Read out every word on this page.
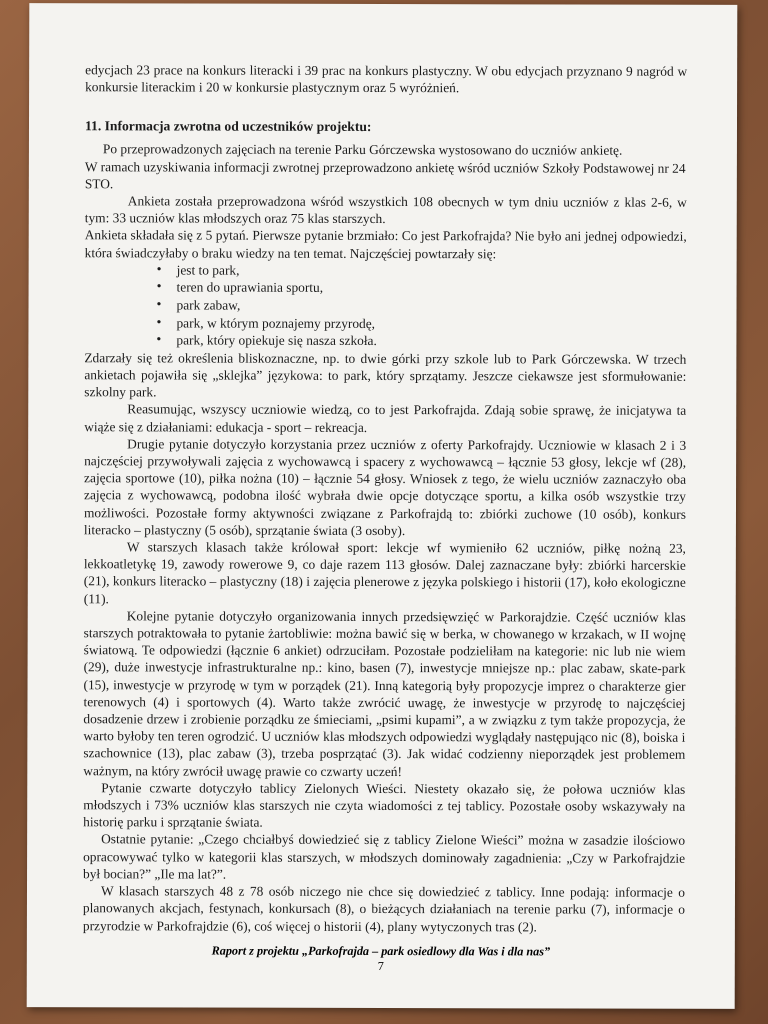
edycjach 23 prace na konkurs literacki i 39 prac na konkurs plastyczny. W obu edycjach przyznano 9 nagród w konkursie literackim i 20 w konkursie plastycznym oraz 5 wyróżnień.

11. Informacja zwrotna od uczestników projektu:

Po przeprowadzonych zajęciach na terenie Parku Górczewska wystosowano do uczniów ankietę.

W ramach uzyskiwania informacji zwrotnej przeprowadzono ankietę wśród uczniów Szkoły Podstawowej nr 24 STO.

Ankieta została przeprowadzona wśród wszystkich 108 obecnych w tym dniu uczniów z klas 2-6, w tym: 33 uczniów klas młodszych oraz 75 klas starszych.

Ankieta składała się z 5 pytań. Pierwsze pytanie brzmiało: Co jest Parkofrajda? Nie było ani jednej odpowiedzi, która świadczyłaby o braku wiedzy na ten temat. Najczęściej powtarzały się:

• jest to park,
• teren do uprawiania sportu,
• park zabaw,
• park, w którym poznajemy przyrodę,
• park, który opiekuje się nasza szkoła.

Zdarzały się też określenia bliskoznaczne, np. to dwie górki przy szkole lub to Park Górczewska. W trzech ankietach pojawiła się „sklejka” językowa: to park, który sprzątamy. Jeszcze ciekawsze jest sformułowanie: szkolny park.

Reasumując, wszyscy uczniowie wiedzą, co to jest Parkofrajda. Zdają sobie sprawę, że inicjatywa ta wiąże się z działaniami: edukacja - sport – rekreacja.

Drugie pytanie dotyczyło korzystania przez uczniów z oferty Parkofrajdy. Uczniowie w klasach 2 i 3 najczęściej przywoływali zajęcia z wychowawcą i spacery z wychowawcą – łącznie 53 głosy, lekcje wf (28), zajęcia sportowe (10), piłka nożna (10) – łącznie 54 głosy. Wniosek z tego, że wielu uczniów zaznaczyło oba zajęcia z wychowawcą, podobna ilość wybrała dwie opcje dotyczące sportu, a kilka osób wszystkie trzy możliwości. Pozostałe formy aktywności związane z Parkofrajdą to: zbiórki zuchowe (10 osób), konkurs literacko – plastyczny (5 osób), sprzątanie świata (3 osoby).

W starszych klasach także królował sport: lekcje wf wymieniło 62 uczniów, piłkę nożną 23, lekkoatletykę 19, zawody rowerowe 9, co daje razem 113 głosów. Dalej zaznaczane były: zbiórki harcerskie (21), konkurs literacko – plastyczny (18) i zajęcia plenerowe z języka polskiego i historii (17), koło ekologiczne (11).

Kolejne pytanie dotyczyło organizowania innych przedsięwzięć w Parkorajdzie. Część uczniów klas starszych potraktowała to pytanie żartobliwie: można bawić się w berka, w chowanego w krzakach, w II wojnę światową. Te odpowiedzi (łącznie 6 ankiet) odrzuciłam. Pozostałe podzieliłam na kategorie: nic lub nie wiem (29), duże inwestycje infrastrukturalne np.: kino, basen (7), inwestycje mniejsze np.: plac zabaw, skate-park (15), inwestycje w przyrodę w tym w porządek (21). Inną kategorią były propozycje imprez o charakterze gier terenowych (4) i sportowych (4). Warto także zwrócić uwagę, że inwestycje w przyrodę to najczęściej dosadzenie drzew i zrobienie porządku ze śmieciami, „psimi kupami”, a w związku z tym także propozycja, że warto byłoby ten teren ogrodzić. U uczniów klas młodszych odpowiedzi wyglądały następująco nic (8), boiska i szachownice (13), plac zabaw (3), trzeba posprzątać (3). Jak widać codzienny nieporządek jest problemem ważnym, na który zwrócił uwagę prawie co czwarty uczeń!

Pytanie czwarte dotyczyło tablicy Zielonych Wieści. Niestety okazało się, że połowa uczniów klas młodszych i 73% uczniów klas starszych nie czyta wiadomości z tej tablicy. Pozostałe osoby wskazywały na historię parku i sprzątanie świata.

Ostatnie pytanie: „Czego chciałbyś dowiedzieć się z tablicy Zielone Wieści” można w zasadzie ilościowo opracowywać tylko w kategorii klas starszych, w młodszych dominowały zagadnienia: „Czy w Parkofrajdzie był bocian?” „Ile ma lat?”.

W klasach starszych 48 z 78 osób niczego nie chce się dowiedzieć z tablicy. Inne podają: informacje o planowanych akcjach, festynach, konkursach (8), o bieżących działaniach na terenie parku (7), informacje o przyrodzie w Parkofrajdzie (6), coś więcej o historii (4), plany wytyczonych tras (2).

Raport z projektu „Parkofrajda – park osiedlowy dla Was i dla nas”
7
